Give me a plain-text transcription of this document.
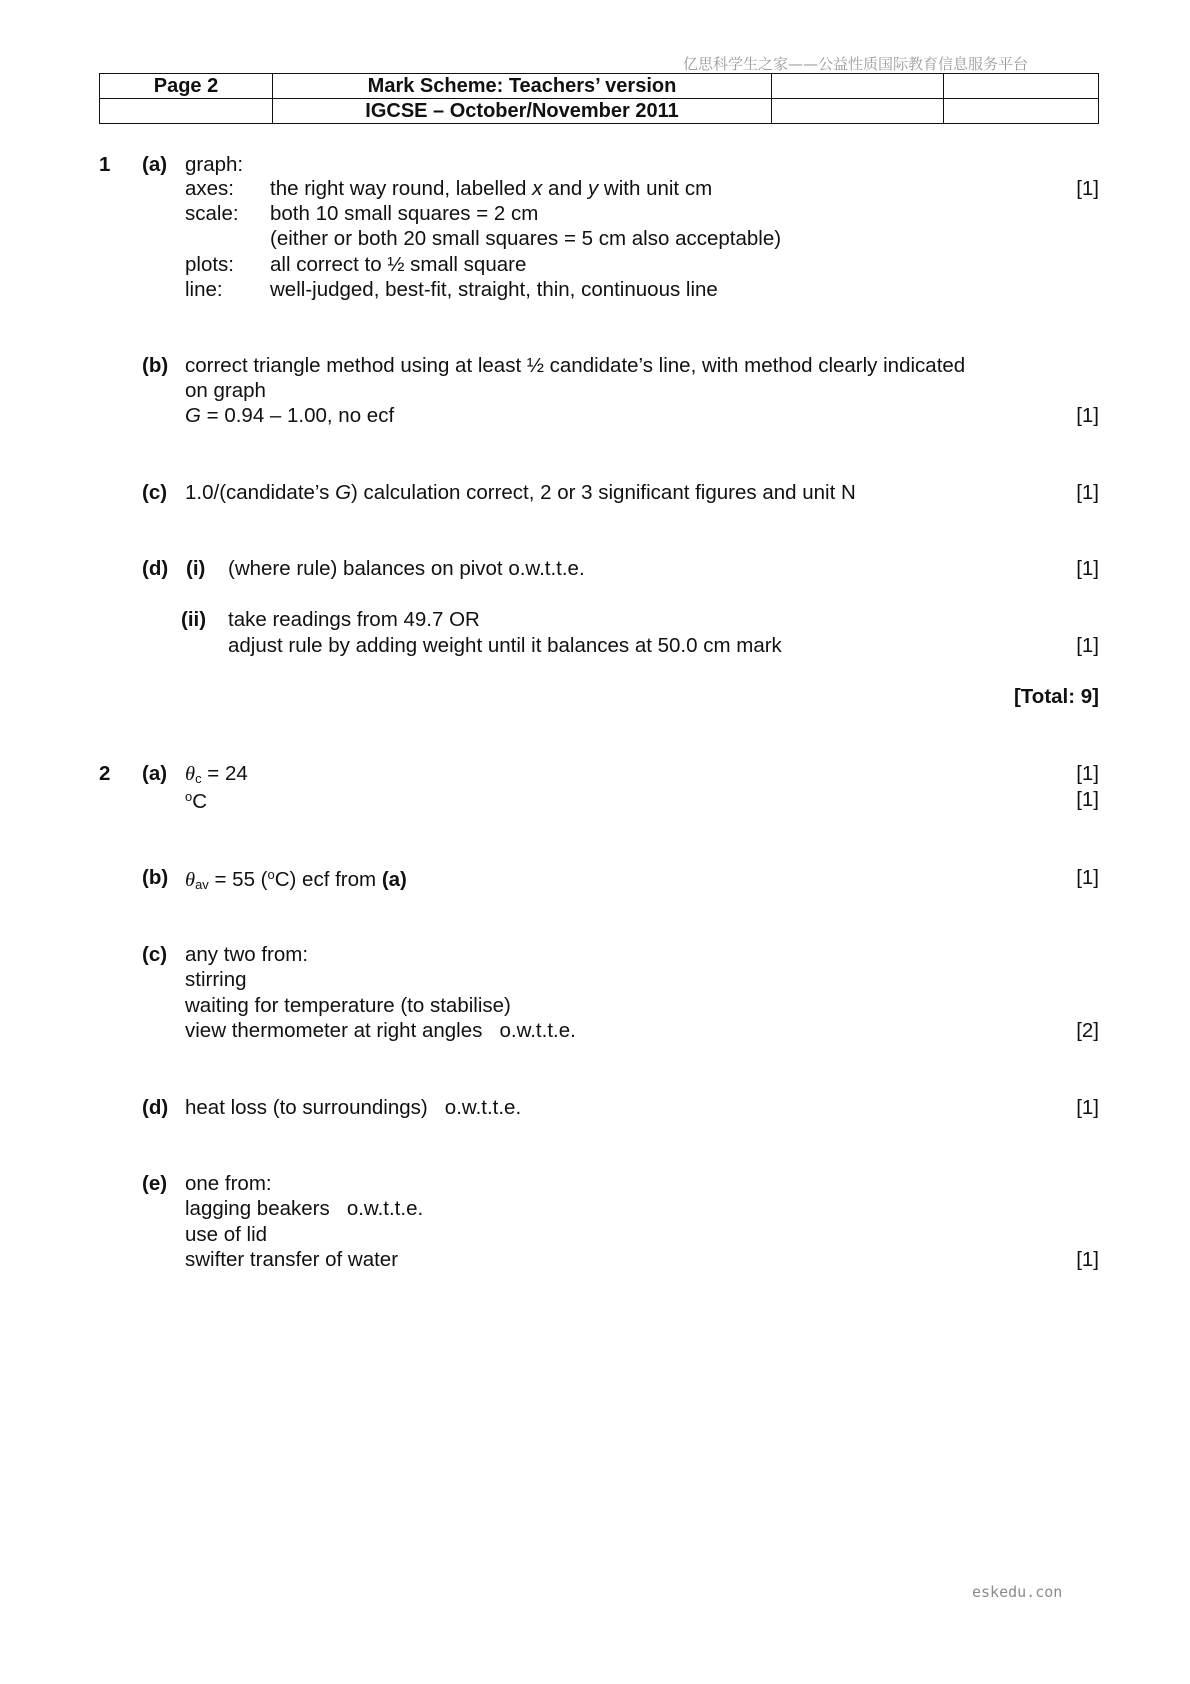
亿思科学生之家——公益性质国际教育信息服务平台
Page 2	Mark Scheme: Teachers’ version		
	IGCSE – October/November 2011		
1 (a) graph:
axes: the right way round, labelled x and y with unit cm	[1]
scale: both 10 small squares = 2 cm
(either or both 20 small squares = 5 cm also acceptable)
plots: all correct to ½ small square
line: well-judged, best-fit, straight, thin, continuous line
(b) correct triangle method using at least ½ candidate’s line, with method clearly indicated
on graph
G = 0.94 – 1.00, no ecf	[1]
(c) 1.0/(candidate’s G) calculation correct, 2 or 3 significant figures and unit N	[1]
(d) (i) (where rule) balances on pivot o.w.t.t.e.	[1]
(ii) take readings from 49.7 OR
adjust rule by adding weight until it balances at 50.0 cm mark	[1]
[Total: 9]
2 (a) $\theta_c = 24$	[1]
$^o$C	[1]
(b) $\theta_{av} = 55$ ($^o$C) ecf from (a)	[1]
(c) any two from:
stirring
waiting for temperature (to stabilise)
view thermometer at right angles   o.w.t.t.e.	[2]
(d) heat loss (to surroundings)   o.w.t.t.e.	[1]
(e) one from:
lagging beakers   o.w.t.t.e.
use of lid
swifter transfer of water	[1]
eskedu.con
